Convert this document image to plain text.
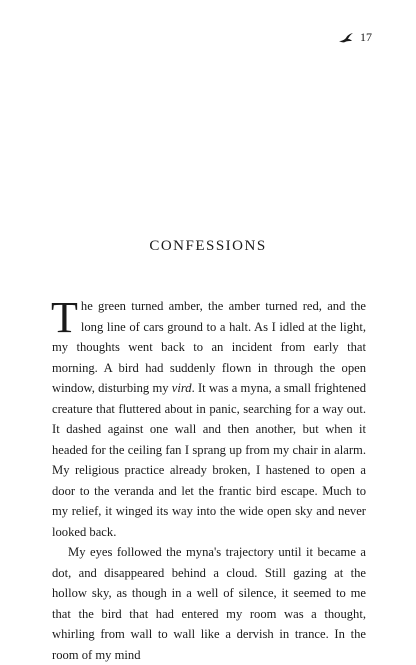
17
CONFESSIONS

The green turned amber, the amber turned red, and the long line of cars ground to a halt. As I idled at the light, my thoughts went back to an incident from early that morning. A bird had suddenly flown in through the open window, disturbing my vird. It was a myna, a small frightened creature that fluttered about in panic, searching for a way out. It dashed against one wall and then another, but when it headed for the ceiling fan I sprang up from my chair in alarm. My religious practice already broken, I hastened to open a door to the veranda and let the frantic bird escape. Much to my relief, it winged its way into the wide open sky and never looked back.

My eyes followed the myna's trajectory until it became a dot, and disappeared behind a cloud. Still gazing at the hollow sky, as though in a well of silence, it seemed to me that the bird that had entered my room was a thought, whirling from wall to wall like a dervish in trance. In the room of my mind
